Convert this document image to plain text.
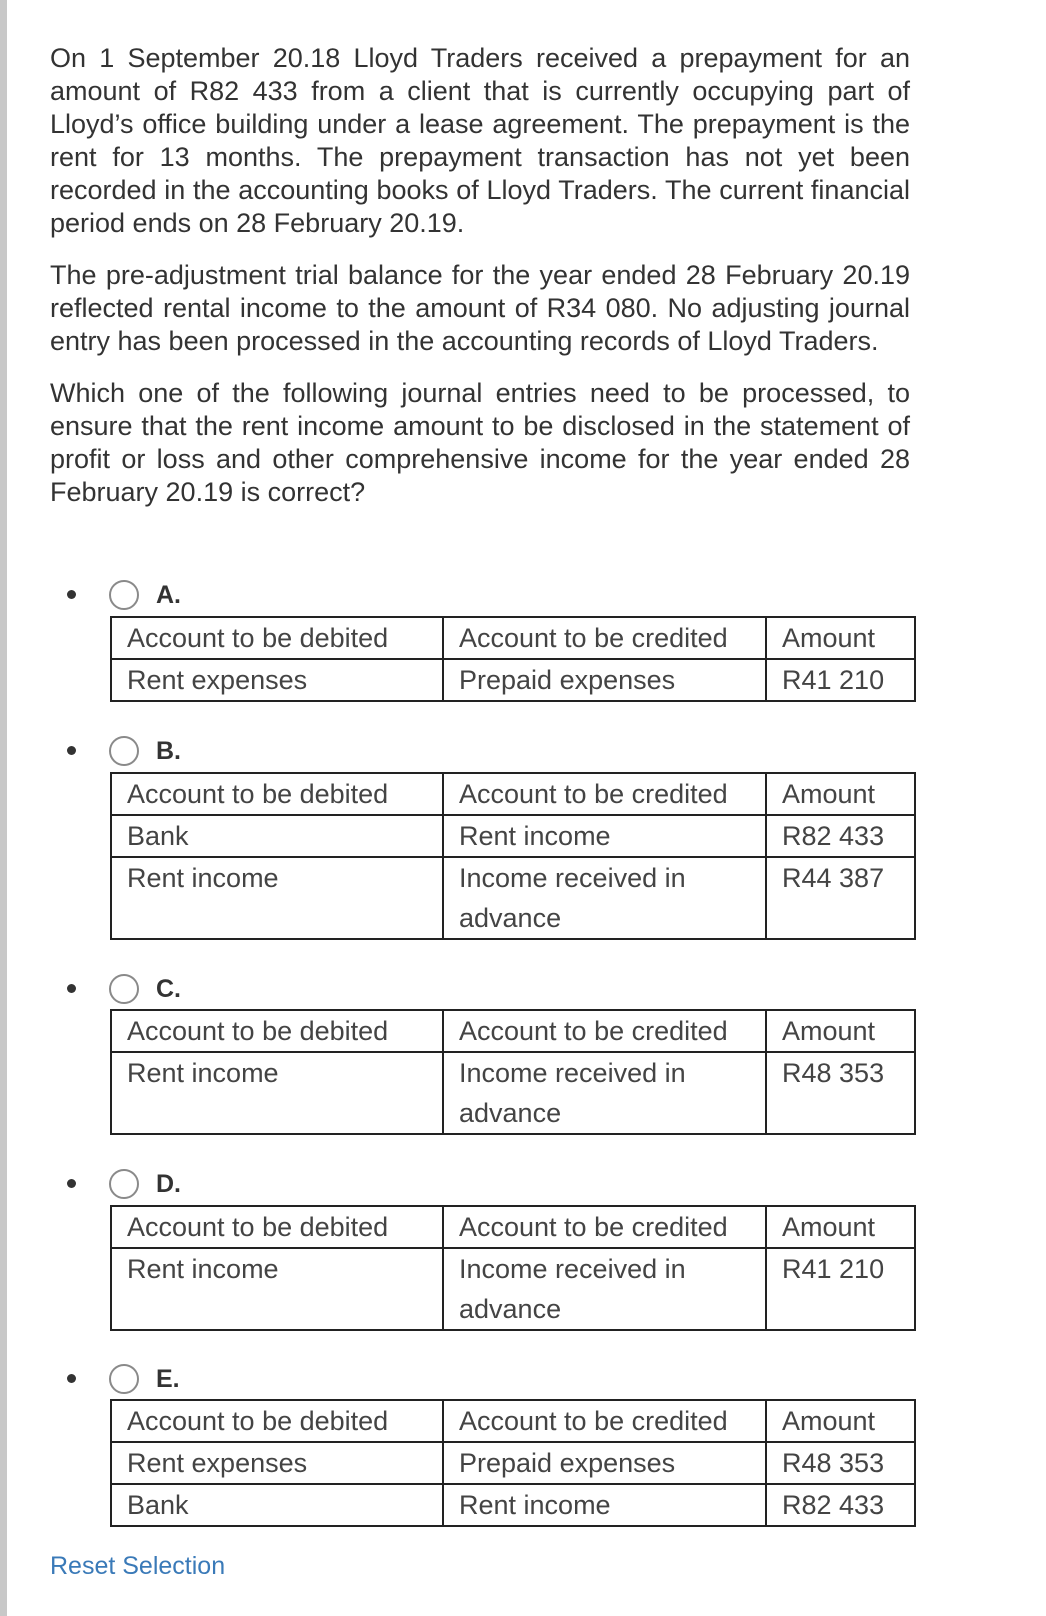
On 1 September 20.18 Lloyd Traders received a prepayment for an amount of R82 433 from a client that is currently occupying part of Lloyd’s office building under a lease agreement. The prepayment is the rent for 13 months. The prepayment transaction has not yet been recorded in the accounting books of Lloyd Traders. The current financial period ends on 28 February 20.19.

The pre-adjustment trial balance for the year ended 28 February 20.19 reflected rental income to the amount of R34 080. No adjusting journal entry has been processed in the accounting records of Lloyd Traders.

Which one of the following journal entries need to be processed, to ensure that the rent income amount to be disclosed in the statement of profit or loss and other comprehensive income for the year ended 28 February 20.19 is correct?

A.
Account to be debited	Account to be credited	Amount
Rent expenses	Prepaid expenses	R41 210
B.
Account to be debited	Account to be credited	Amount
Bank	Rent income	R82 433
Rent income	Income received in advance	R44 387
C.
Account to be debited	Account to be credited	Amount
Rent income	Income received in advance	R48 353
D.
Account to be debited	Account to be credited	Amount
Rent income	Income received in advance	R41 210
E.
Account to be debited	Account to be credited	Amount
Rent expenses	Prepaid expenses	R48 353
Bank	Rent income	R82 433
Reset Selection
